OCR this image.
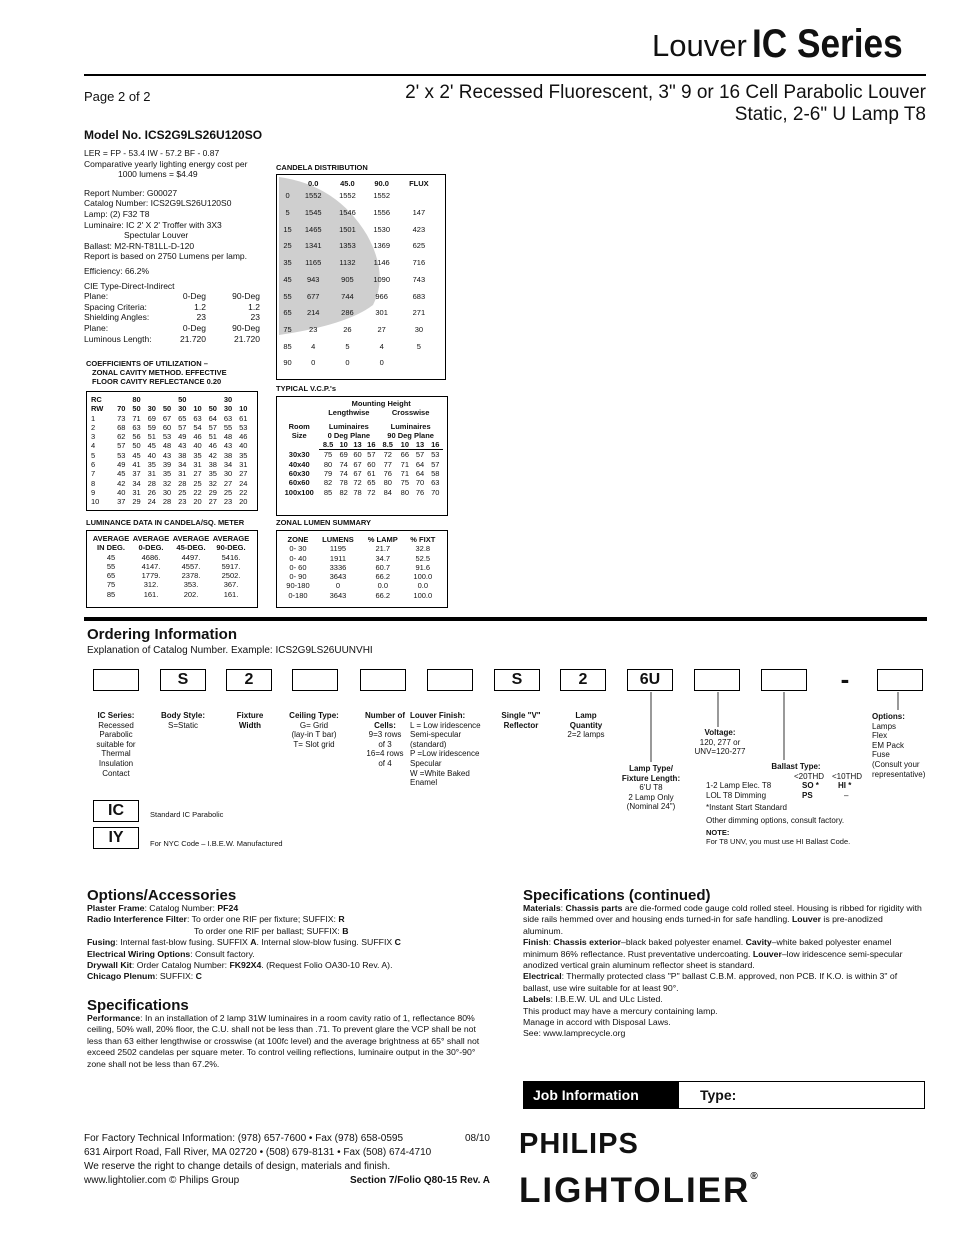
Louver IC Series
Page 2 of 2	2' x 2' Recessed Fluorescent, 3" 9 or 16 Cell Parabolic Louver
Static, 2-6" U Lamp T8
Model No. ICS2G9LS26U120SO
LER = FP - 53.4 IW - 57.2 BF - 0.87
Comparative yearly lighting energy cost per
1000 lumens = $4.49
Report Number: G00027
Catalog Number: ICS2G9LS26U120S0
Lamp: (2) F32 T8
Luminaire: IC 2' X 2' Troffer with 3X3
Spectular Louver
Ballast: M2-RN-T81LL-D-120
Report is based on 2750 Lumens per lamp.
Efficiency: 66.2%
CIE Type-Direct-Indirect
Plane:	0-Deg	90-Deg
Spacing Criteria:	1.2	1.2
Shielding Angles:	23	23
Plane:	0-Deg	90-Deg
Luminous Length:	21.720	21.720
COEFFICIENTS OF UTILIZATION –
ZONAL CAVITY METHOD. EFFECTIVE
FLOOR CAVITY REFLECTANCE 0.20
RC	80			50			30		
RW	70	50	30	50	30	10	50	30	10
1	73	71	69	67	65	63	64	63	61
2	68	63	59	60	57	54	57	55	53
3	62	56	51	53	49	46	51	48	46
4	57	50	45	48	43	40	46	43	40
5	53	45	40	43	38	35	42	38	35
6	49	41	35	39	34	31	38	34	31
7	45	37	31	35	31	27	35	30	27
8	42	34	28	32	28	25	32	27	24
9	40	31	26	30	25	22	29	25	22
10	37	29	24	28	23	20	27	23	20
LUMINANCE DATA IN CANDELA/SQ. METER
AVERAGE	AVERAGE	AVERAGE	AVERAGE
IN DEG.	0-DEG.	45-DEG.	90-DEG.
45	4686.	4497.	5416.
55	4147.	4557.	5917.
65	1779.	2378.	2502.
75	312.	353.	367.
85	161.	202.	161.
CANDELA DISTRIBUTION
	0.0	45.0	90.0	FLUX
0	1552	1552	1552	
5	1545	1546	1556	147
15	1465	1501	1530	423
25	1341	1353	1369	625
35	1165	1132	1146	716
45	943	905	1090	743
55	677	744	966	683
65	214	286	301	271
75	23	26	27	30
85	4	5	4	5
90	0	0	0	
TYPICAL V.C.P.'s
	Mounting Height							
	Lengthwise				Crosswise			

Room	Luminaires				Luminaires			
Size	0 Deg Plane				90 Deg Plane			
	8.5	10	13	16	8.5	10	13	16
30x30	75	69	60	57	72	66	57	53
40x40	80	74	67	60	77	71	64	57
60x30	79	74	67	61	76	71	64	58
60x60	82	78	72	65	80	75	70	63
100x100	85	82	78	72	84	80	76	70
ZONAL LUMEN SUMMARY
ZONE	LUMENS	% LAMP	% FIXT
0- 30	1195	21.7	32.8
0- 40	1911	34.7	52.5
0- 60	3336	60.7	91.6
0- 90	3643	66.2	100.0
90-180	0	0.0	0.0
0-180	3643	66.2	100.0
Ordering Information
Explanation of Catalog Number. Example: ICS2G9LS26UUNVHI
S	2	S	2	6U	-
IC Series:
Recessed
Parabolic
suitable for
Thermal
Insulation
Contact
Body Style:
S=Static
Fixture
Width
Ceiling Type:
G= Grid
(lay-in T bar)
T= Slot grid
Number of
Cells:
9=3 rows
of 3
16=4 rows
of 4
Louver Finish:
L = Low iridescence
Semi-specular
(standard)
P =Low iridescence
Specular
W =White Baked
Enamel
Single "V"
Reflector
Lamp
Quantity
2=2 lamps
Lamp Type/
Fixture Length:
6'U T8
2 Lamp Only
(Nominal 24")
Voltage:
120, 277 or
UNV=120-277
Options:
Lamps
Flex
EM Pack
Fuse
(Consult your
representative)
Ballast Type:
<20THD <10THD
1-2 Lamp Elec. T8	SO * HI *
LOL T8 Dimming	PS	–
*Instant Start Standard
Other dimming options, consult factory.
NOTE:
For T8 UNV, you must use HI Ballast Code.
IC	Standard IC Parabolic
IY	For NYC Code – I.B.E.W. Manufactured
Options/Accessories
Plaster Frame: Catalog Number: PF24
Radio Interference Filter: To order one RIF per fixture; SUFFIX: R
To order one RIF per ballast; SUFFIX: B
Fusing: Internal fast-blow fusing. SUFFIX A. Internal slow-blow fusing. SUFFIX C
Electrical Wiring Options: Consult factory.
Drywall Kit: Order Catalog Number: FK92X4. (Request Folio OA30-10 Rev. A).
Chicago Plenum: SUFFIX: C
Specifications
Performance: In an installation of 2 lamp 31W luminaires in a room cavity ratio of 1, reflectance 80% ceiling, 50% wall, 20% floor, the C.U. shall not be less than .71. To prevent glare the VCP shall be not less than 63 either lengthwise or crosswise (at 100fc level) and the average brightness at 65° shall not exceed 2502 candelas per square meter. To control veiling reflections, luminaire output in the 30°-90° zone shall not be less than 67.2%.
Specifications (continued)
Materials: Chassis parts are die-formed code gauge cold rolled steel. Housing is ribbed for rigidity with side rails hemmed over and housing ends turned-in for safe handling. Louver is pre-anodized aluminum.
Finish: Chassis exterior–black baked polyester enamel. Cavity–white baked polyester enamel minimum 86% reflectance. Rust preventative undercoating. Louver–low iridescence semi-specular anodized vertical grain aluminum reflector sheet is standard.
Electrical: Thermally protected class "P" ballast C.B.M. approved, non PCB. If K.O. is within 3" of ballast, use wire suitable for at least 90°.
Labels: I.B.E.W. UL and ULc Listed.
This product may have a mercury containing lamp.
Manage in accord with Disposal Laws.
See: www.lamprecycle.org
Job Information	Type:
For Factory Technical Information: (978) 657-7600 • Fax (978) 658-0595	08/10
631 Airport Road, Fall River, MA 02720 • (508) 679-8131 • Fax (508) 674-4710
We reserve the right to change details of design, materials and finish.
www.lightolier.com © Philips Group	Section 7/Folio Q80-15 Rev. A
PHILIPS
LIGHTOLIER®
